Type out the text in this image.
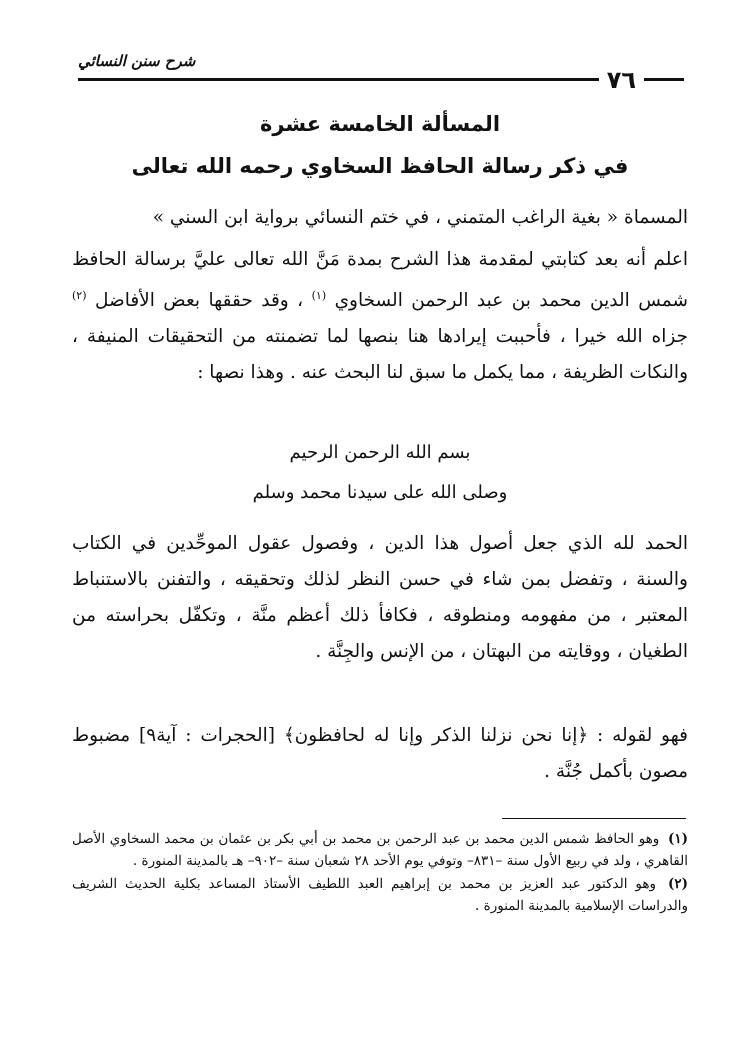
شرح سنن النسائي
٧٦
المسألة الخامسة عشرة
في ذكر رسالة الحافظ السخاوي رحمه الله تعالى
المسماة « بغية الراغب المتمني ، في ختم النسائي برواية ابن السني »
اعلم أنه بعد كتابتي لمقدمة هذا الشرح بمدة مَنَّ الله تعالى عليَّ برسالة الحافظ شمس الدين محمد بن عبد الرحمن السخاوي $^{(١)}$ ، وقد حققها بعض الأفاضل $^{(٢)}$ جزاه الله خيرا ، فأحببت إيرادها هنا بنصها لما تضمنته من التحقيقات المنيفة ، والنكات الظريفة ، مما يكمل ما سبق لنا البحث عنه . وهذا نصها :
بسم الله الرحمن الرحيم
وصلى الله على سيدنا محمد وسلم
الحمد لله الذي جعل أصول هذا الدين ، وفصول عقول الموحِّدين في الكتاب والسنة ، وتفضل بمن شاء في حسن النظر لذلك وتحقيقه ، والتفنن بالاستنباط المعتبر ، من مفهومه ومنطوقه ، فكافأ ذلك أعظم منَّة ، وتكفّل بحراسته من الطغيان ، ووقايته من البهتان ، من الإنس والجِنَّة .
فهو لقوله : ﴿إنا نحن نزلنا الذكر وإنا له لحافظون﴾ [الحجرات : آية٩] مضبوط مصون بأكمل جُنَّة .
(١) وهو الحافظ شمس الدين محمد بن عبد الرحمن بن محمد بن أبي بكر بن عثمان بن محمد السخاوي الأصل القاهري ، ولد في ربيع الأول سنة –٨٣١– وتوفي يوم الأحد ٢٨ شعبان سنة –٩٠٢– هـ بالمدينة المنورة .
(٢) وهو الدكتور عبد العزيز بن محمد بن إبراهيم العبد اللطيف الأستاذ المساعد بكلية الحديث الشريف والدراسات الإسلامية بالمدينة المنورة .
